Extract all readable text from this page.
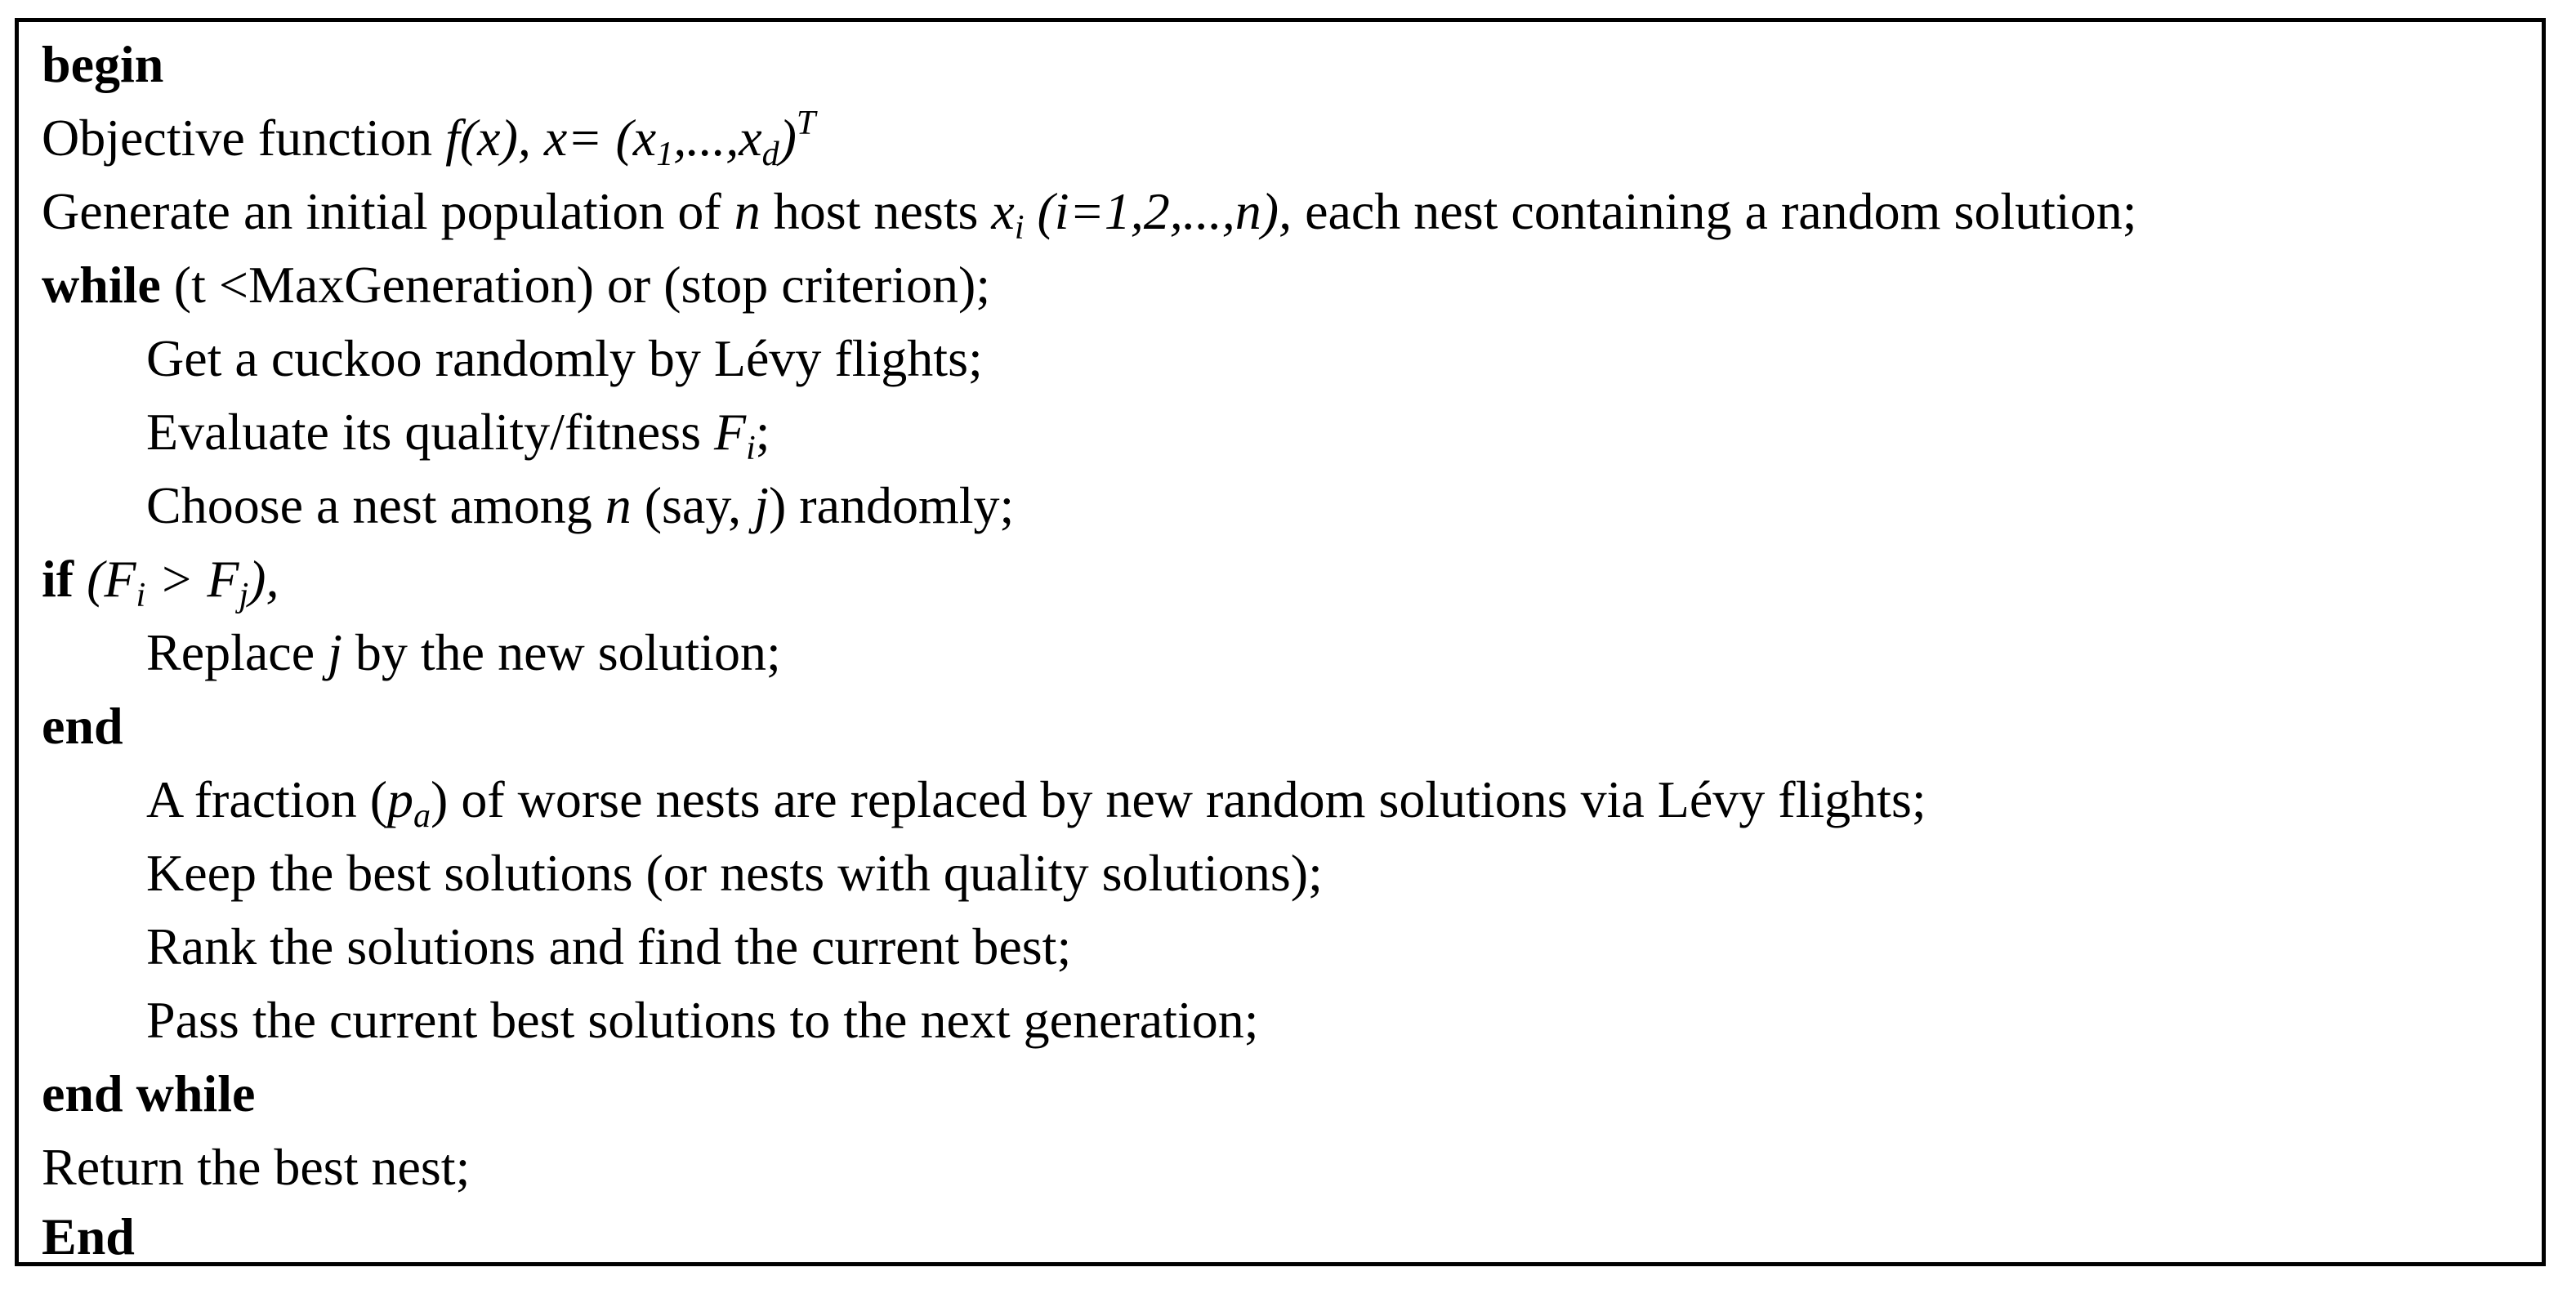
begin
Objective function f(x), $x= (x_1,...,x_d)^T$
Generate an initial population of n host nests $x_i$ (i=1,2,...,n), each nest containing a random solution;
while (t <MaxGeneration) or (stop criterion);
Get a cuckoo randomly by Lévy flights;
Evaluate its quality/fitness $F_i$;
Choose a nest among n (say, j) randomly;
if $(F_i > F_j)$,
Replace j by the new solution;
end
A fraction $(p_a)$ of worse nests are replaced by new random solutions via Lévy flights;
Keep the best solutions (or nests with quality solutions);
Rank the solutions and find the current best;
Pass the current best solutions to the next generation;
end while
Return the best nest;
End
